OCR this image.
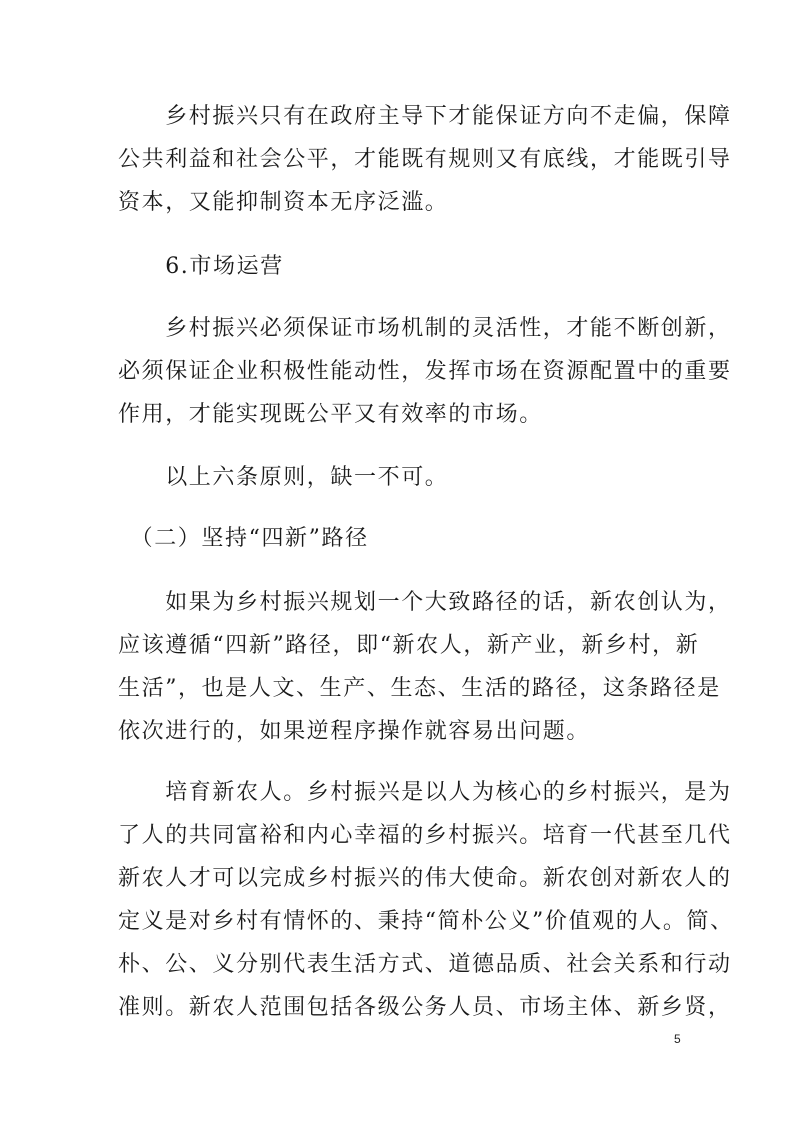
　　乡村振兴只有在政府主导下才能保证方向不走偏，保障
公共利益和社会公平，才能既有规则又有底线，才能既引导
资本，又能抑制资本无序泛滥。

　　6.市场运营

　　乡村振兴必须保证市场机制的灵活性，才能不断创新，
必须保证企业积极性能动性，发挥市场在资源配置中的重要
作用，才能实现既公平又有效率的市场。

　　以上六条原则，缺一不可。

　（二）坚持“四新”路径

　　如果为乡村振兴规划一个大致路径的话，新农创认为，
应该遵循“四新”路径，即“新农人，新产业，新乡村，新
生活”，也是人文、生产、生态、生活的路径，这条路径是
依次进行的，如果逆程序操作就容易出问题。

　　培育新农人。乡村振兴是以人为核心的乡村振兴，是为
了人的共同富裕和内心幸福的乡村振兴。培育一代甚至几代
新农人才可以完成乡村振兴的伟大使命。新农创对新农人的
定义是对乡村有情怀的、秉持“简朴公义”价值观的人。简、
朴、公、义分别代表生活方式、道德品质、社会关系和行动
准则。新农人范围包括各级公务人员、市场主体、新乡贤，

5
